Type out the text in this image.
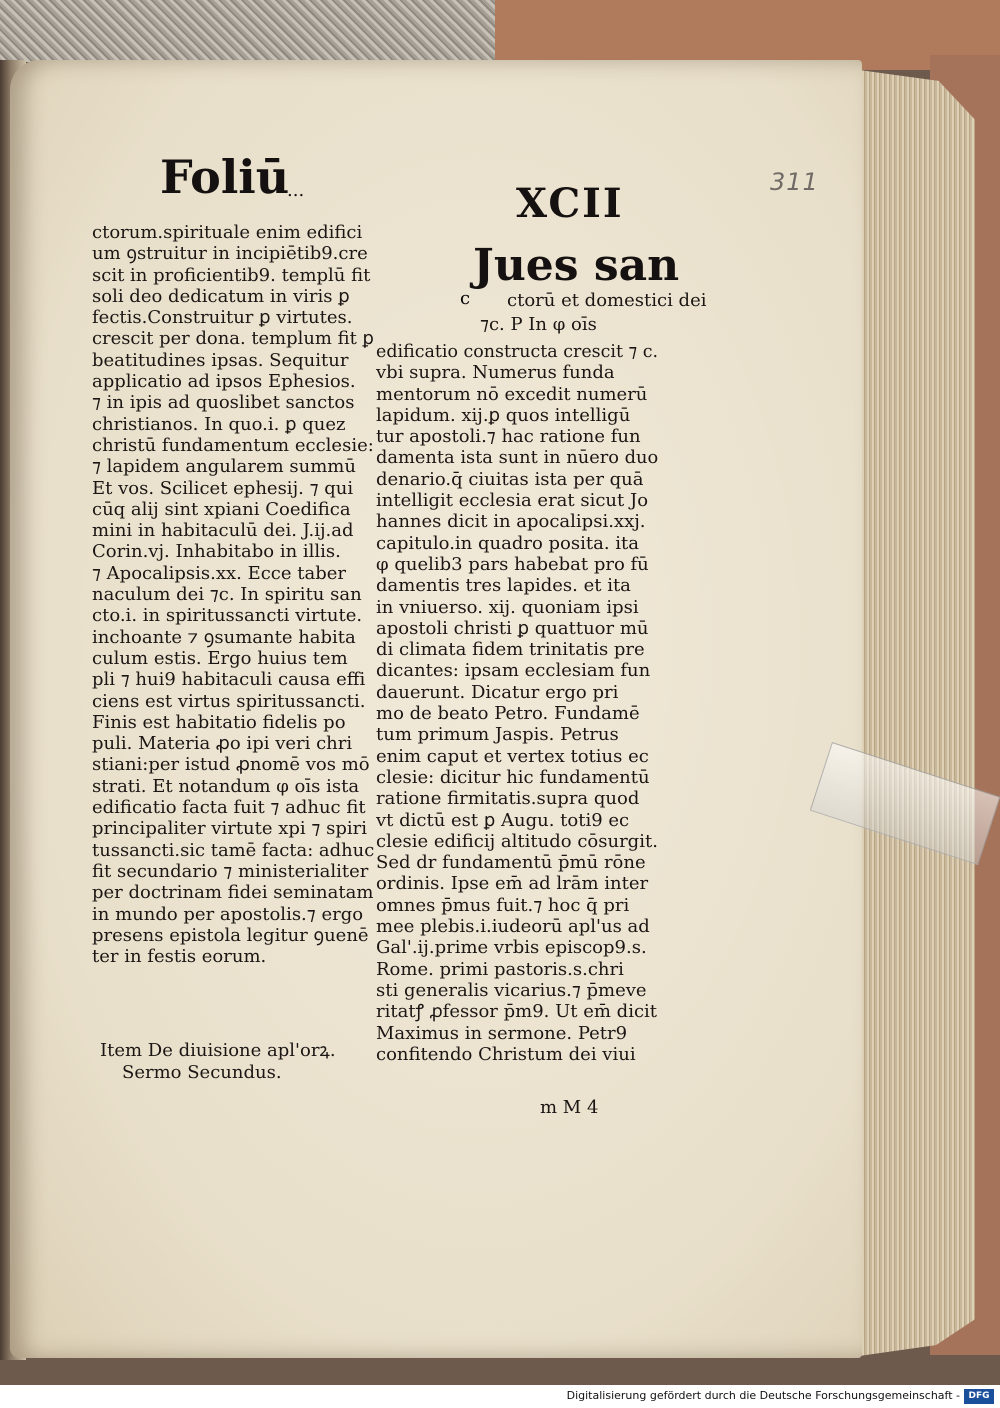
311
Foliū
...	XCII
ctorum.spirituale enim edifici
um ꝯstruitur in incipiētib9.cre
scit in proficientib9. templū fit
soli deo dedicatum in viris ꝑ
fectis.Construitur ꝑ virtutes.
crescit per dona. templum fit ꝑ
beatitudines ipsas. Sequitur
applicatio ad ipsos Ephesios.
⁊ in ipis ad quoslibet sanctos
christianos. In quo.i. ꝑ quez
christū fundamentum ecclesie:
⁊ lapidem angularem summū
Et vos. Scilicet ephesij. ⁊ qui
cūq alij sint xpiani Coedifica
mini in habitaculū dei. J.ij.ad
Corin.vj. Inhabitabo in illis.
⁊ Apocalipsis.xx. Ecce taber
naculum dei ⁊c. In spiritu san
cto.i. in spiritussancti virtute.
inchoante ⁊ ꝯsumante habita
culum estis. Ergo huius tem
pli ⁊ hui9 habitaculi causa effi
ciens est virtus spiritussancti.
Finis est habitatio fidelis po
puli. Materia ꝓo ipi veri chri
stiani:per istud ꝓnomē vos mō
strati. Et notandum φ oīs ista
edificatio facta fuit ⁊ adhuc fit
principaliter virtute xpi ⁊ spiri
tussancti.sic tamē facta: adhuc
fit secundario ⁊ ministerialiter
per doctrinam fidei seminatam
in mundo per apostolis.⁊ ergo
presens epistola legitur ꝯuenē
ter in festis eorum.
Item De diuisione apl'orꝝ.
Sermo Secundus.
c
Jues san
ctorū et domestici dei
⁊c. P In φ oīs
edificatio constructa crescit ⁊ c.
vbi supra. Numerus funda
mentorum nō excedit numerū
lapidum. xij.ꝑ quos intelligū
tur apostoli.⁊ hac ratione fun
damenta ista sunt in nūero duo
denario.q̄ ciuitas ista per quā
intelligit ecclesia erat sicut Jo
hannes dicit in apocalipsi.xxj.
capitulo.in quadro posita. ita
φ quelib3 pars habebat pro fū
damentis tres lapides. et ita
in vniuerso. xij. quoniam ipsi
apostoli christi ꝑ quattuor mū
di climata fidem trinitatis pre
dicantes: ipsam ecclesiam fun
dauerunt. Dicatur ergo pri
mo de beato Petro. Fundamē
tum primum Jaspis. Petrus
enim caput et vertex totius ec
clesie: dicitur hic fundamentū
ratione firmitatis.supra quod
vt dictū est ꝑ Augu. toti9 ec
clesie edificij altitudo cōsurgit.
Sed dr fundamentū p̄mū rōne
ordinis. Ipse em̄ ad lrām inter
omnes p̄mus fuit.⁊ hoc q̄ pri
mee plebis.i.iudeorū apl'us ad
Gal'.ij.prime vrbis episcop9.s.
Rome. primi pastoris.s.chri
sti generalis vicarius.⁊ p̄meve
ritatꝭ ꝓfessor p̄m9. Ut em̄ dicit
Maximus in sermone. Petr9
confitendo Christum dei viui
m M 4
Digitalisierung gefördert durch die Deutsche Forschungsgemeinschaft - DFG
